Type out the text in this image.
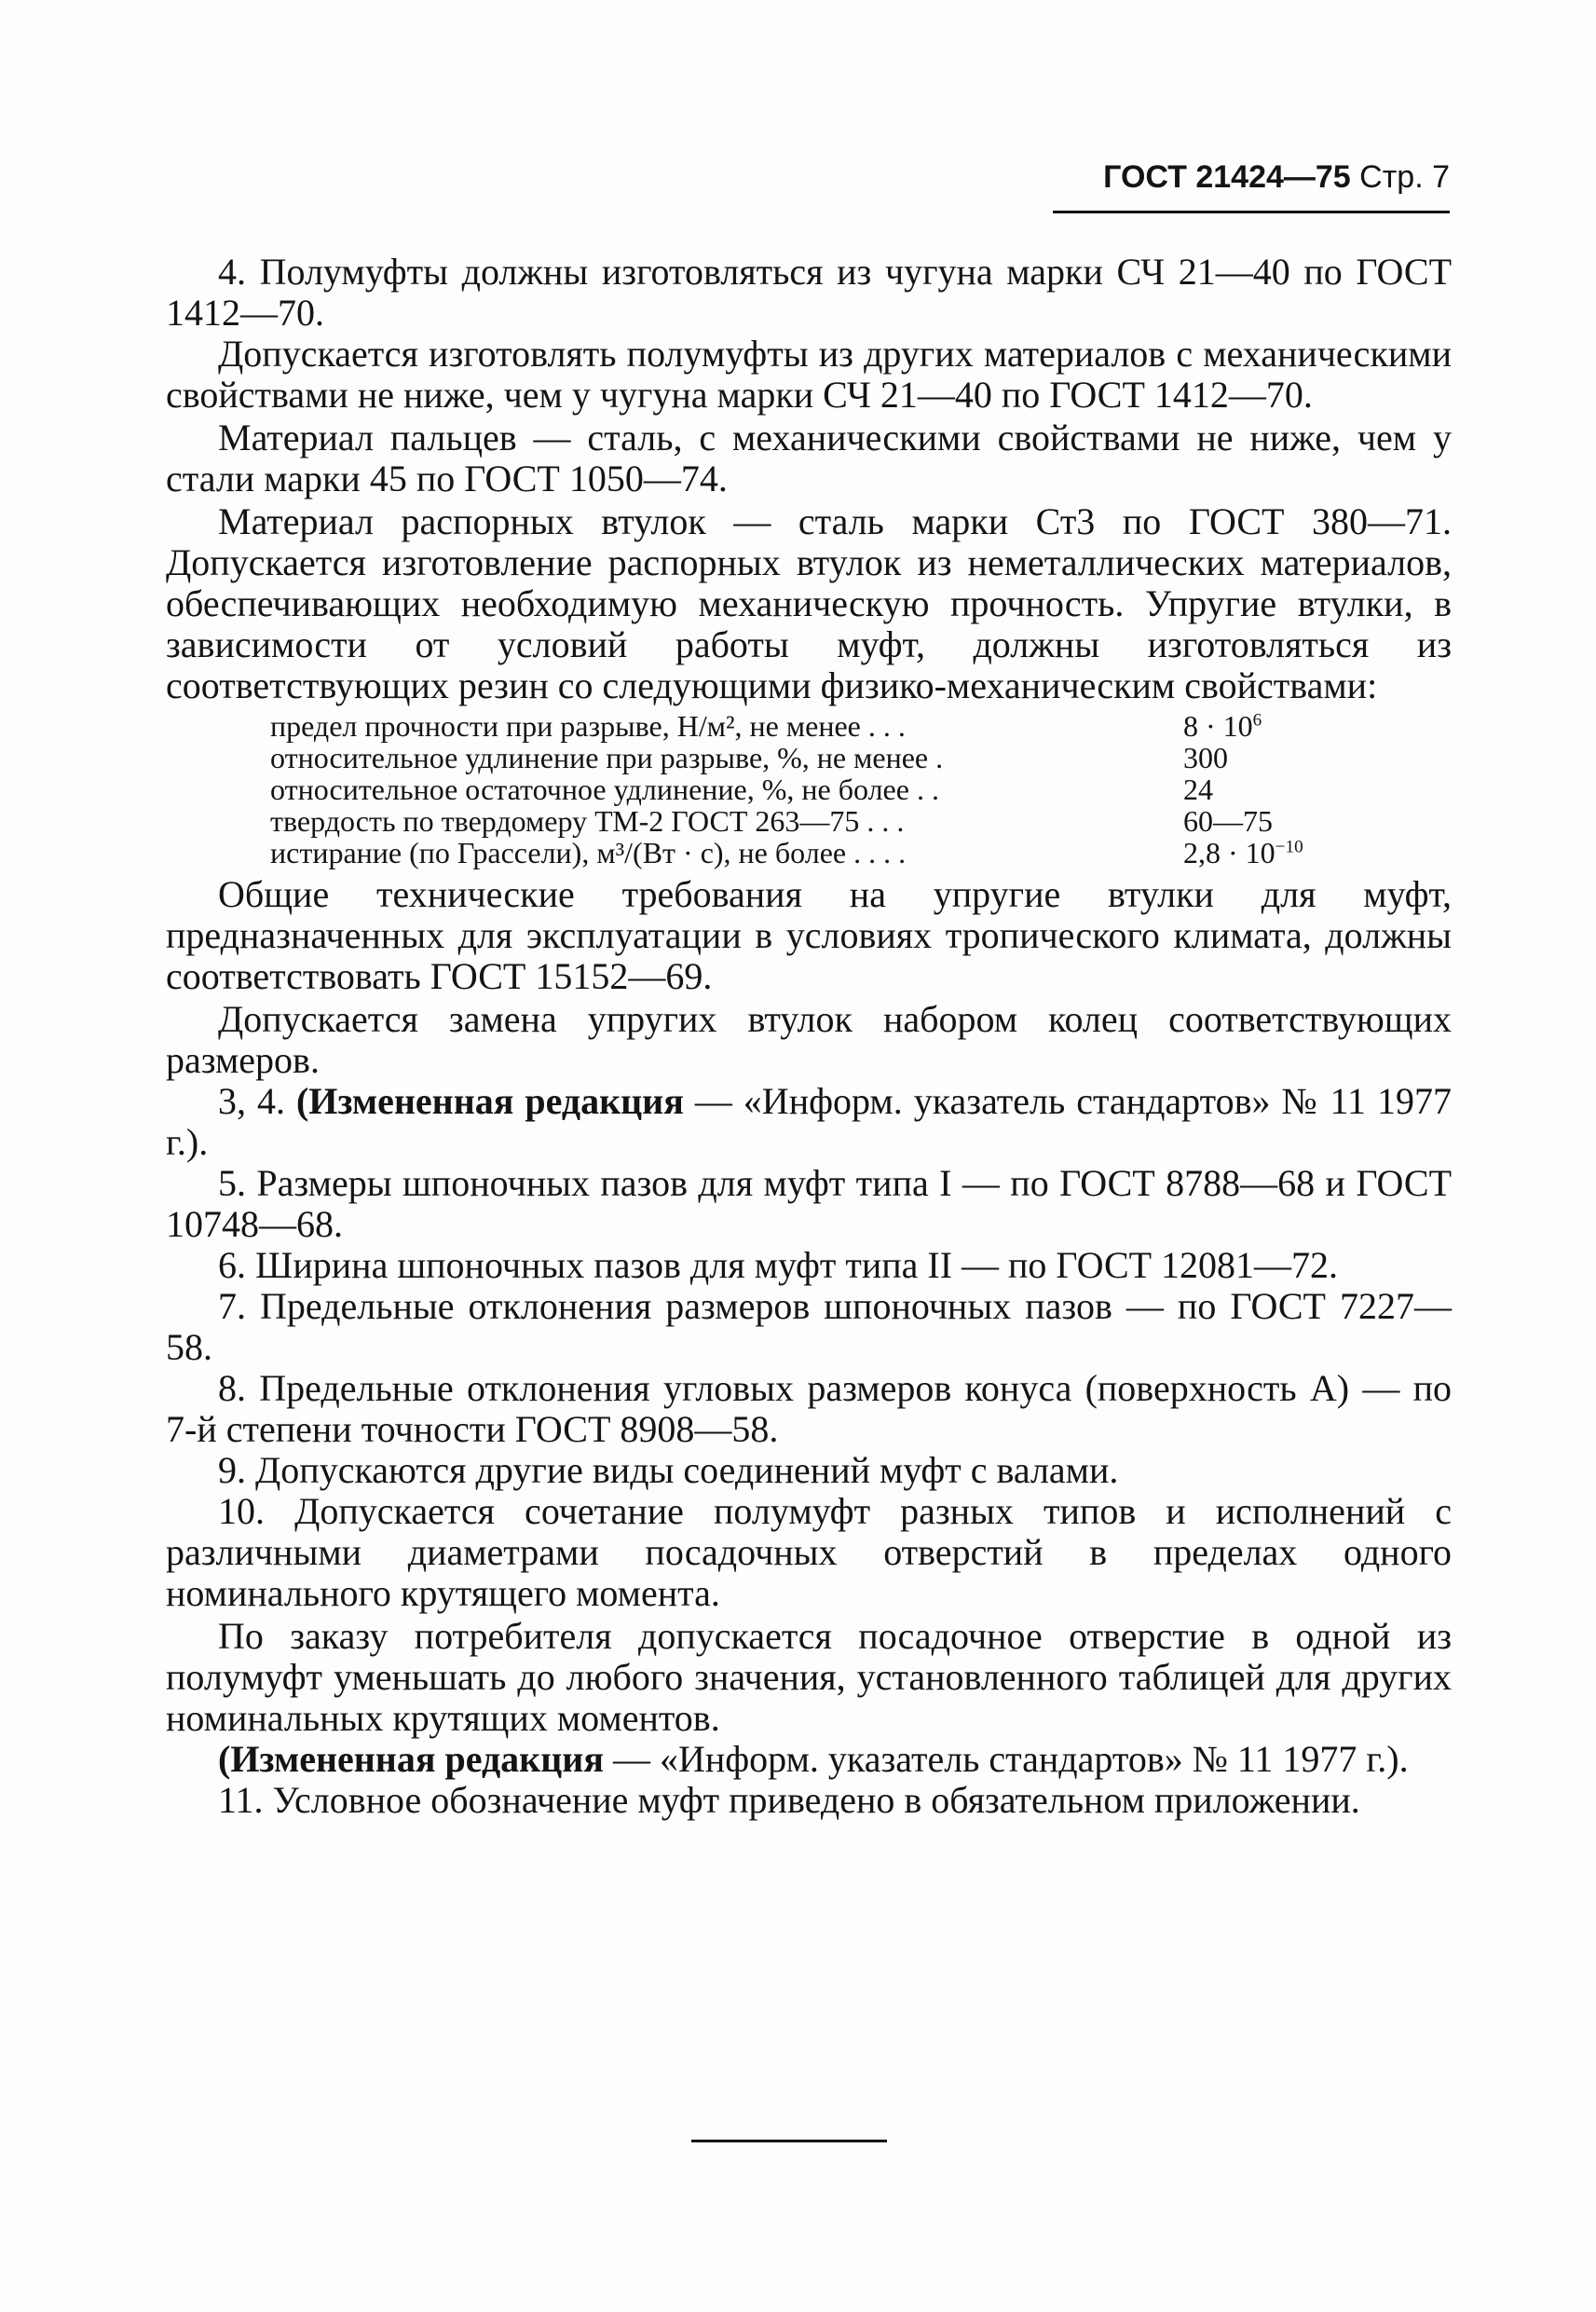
ГОСТ 21424—75 Стр. 7

4. Полумуфты должны изготовляться из чугуна марки СЧ 21—40 по ГОСТ 1412—70.

Допускается изготовлять полумуфты из других материалов с механическими свойствами не ниже, чем у чугуна марки СЧ 21—40 по ГОСТ 1412—70.

Материал пальцев — сталь, с механическими свойствами не ниже, чем у стали марки 45 по ГОСТ 1050—74.

Материал распорных втулок — сталь марки Ст3 по ГОСТ 380—71. Допускается изготовление распорных втулок из неметаллических материалов, обеспечивающих необходимую механическую прочность. Упругие втулки, в зависимости от условий работы муфт, должны изготовляться из соответствующих резин со следующими физико-механическим свойствами:

предел прочности при разрыве, Н/м², не менее . . .	$8 \cdot 10^6$
относительное удлинение при разрыве, %, не менее .	300
относительное остаточное удлинение, %, не более . .	24
твердость по твердомеру ТМ-2 ГОСТ 263—75 . . .	60—75
истирание (по Грассели), м³/(Вт · с), не более . . . .	$2,8 \cdot 10^{-10}$

Общие технические требования на упругие втулки для муфт, предназначенных для эксплуатации в условиях тропического климата, должны соответствовать ГОСТ 15152—69.

Допускается замена упругих втулок набором колец соответствующих размеров.

3, 4. (Измененная редакция — «Информ. указатель стандартов» № 11 1977 г.).

5. Размеры шпоночных пазов для муфт типа I — по ГОСТ 8788—68 и ГОСТ 10748—68.

6. Ширина шпоночных пазов для муфт типа II — по ГОСТ 12081—72.

7. Предельные отклонения размеров шпоночных пазов — по ГОСТ 7227—58.

8. Предельные отклонения угловых размеров конуса (поверхность А) — по 7-й степени точности ГОСТ 8908—58.

9. Допускаются другие виды соединений муфт с валами.

10. Допускается сочетание полумуфт разных типов и исполнений с различными диаметрами посадочных отверстий в пределах одного номинального крутящего момента.

По заказу потребителя допускается посадочное отверстие в одной из полумуфт уменьшать до любого значения, установленного таблицей для других номинальных крутящих моментов.

(Измененная редакция — «Информ. указатель стандартов» № 11 1977 г.).

11. Условное обозначение муфт приведено в обязательном приложении.
